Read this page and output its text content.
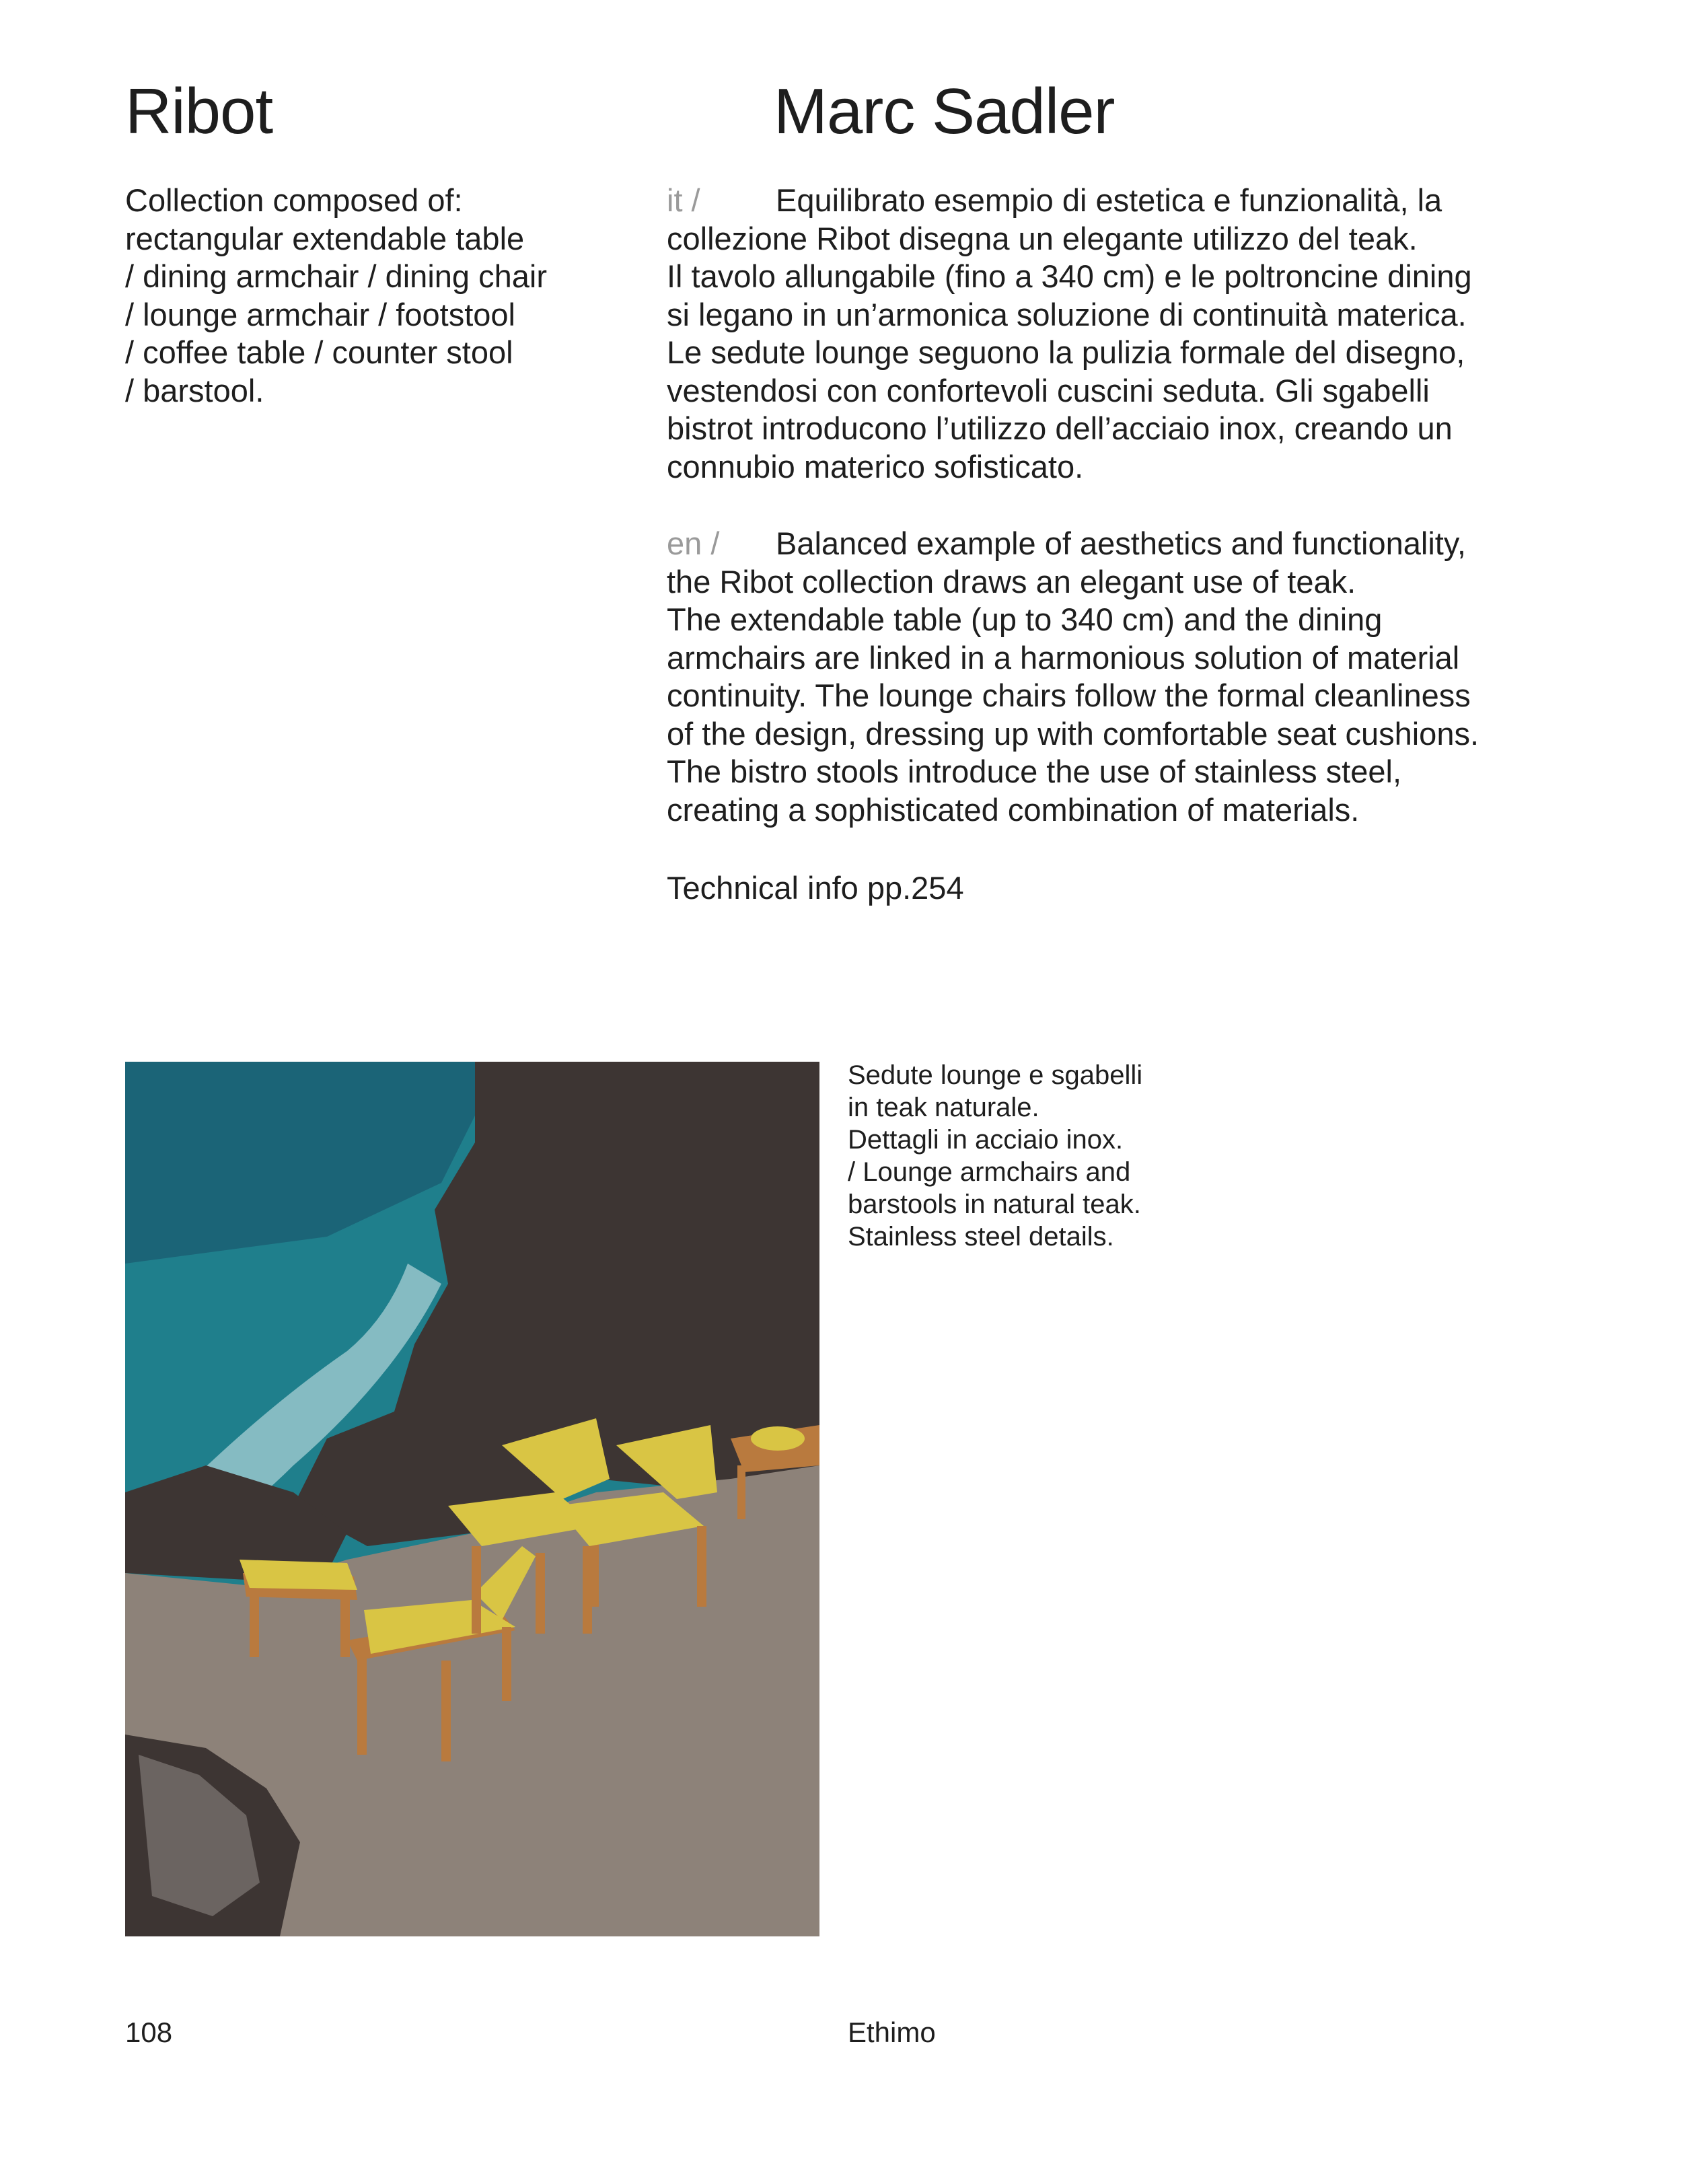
Ribot	Marc Sadler

Collection composed of:

rectangular extendable table

/ dining armchair / dining chair

/ lounge armchair / footstool

/ coffee table / counter stool

/ barstool.

it / Equilibrato esempio di estetica e funzionalità, la

collezione Ribot disegna un elegante utilizzo del teak.

Il tavolo allungabile (fino a 340 cm) e le poltroncine dining

si legano in un’armonica soluzione di continuità materica.

Le sedute lounge seguono la pulizia formale del disegno,

vestendosi con confortevoli cuscini seduta. Gli sgabelli

bistrot introducono l’utilizzo dell’acciaio inox, creando un

connubio materico sofisticato.

en / Balanced example of aesthetics and functionality,

the Ribot collection draws an elegant use of teak.

The extendable table (up to 340 cm) and the dining

armchairs are linked in a harmonious solution of material

continuity. The lounge chairs follow the formal cleanliness

of the design, dressing up with comfortable seat cushions.

The bistro stools introduce the use of stainless steel,

creating a sophisticated combination of materials.

Technical info pp.254

Sedute lounge e sgabelli

in teak naturale.

Dettagli in acciaio inox.

/ Lounge armchairs and

barstools in natural teak.

Stainless steel details.

108	Ethimo
